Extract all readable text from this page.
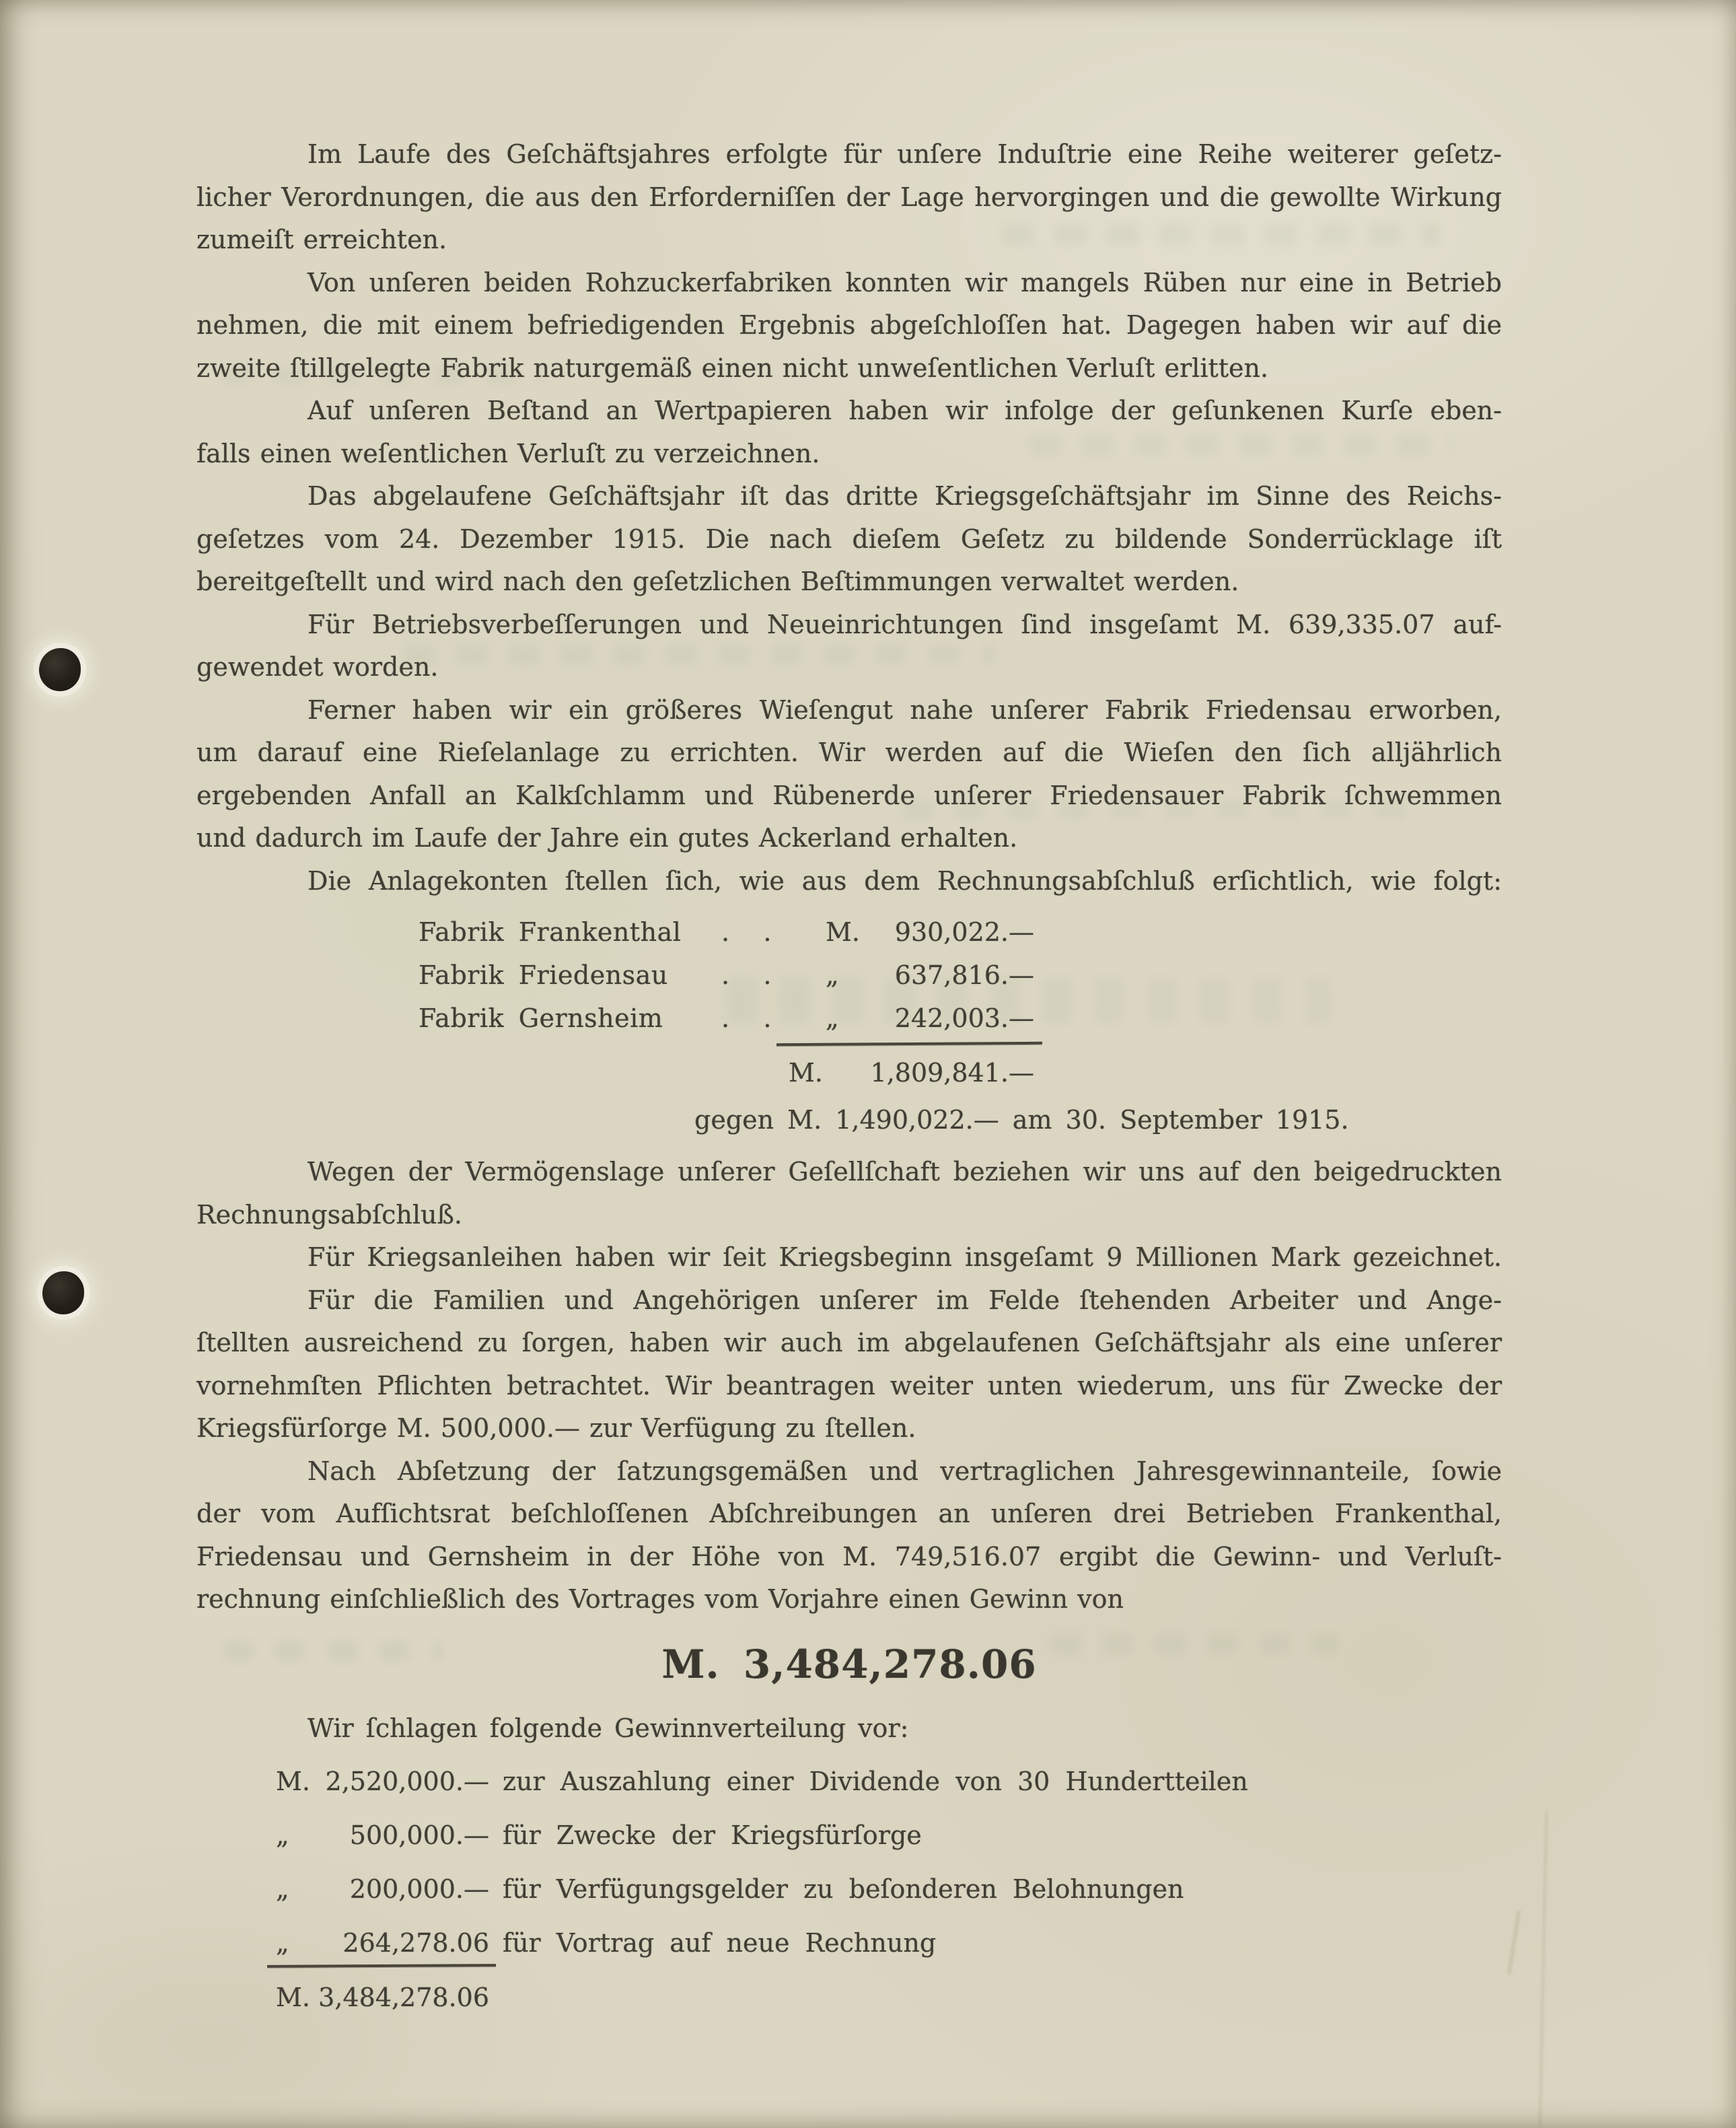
Im Laufe des Geſchäftsjahres erfolgte für unſere Induſtrie eine Reihe weiterer geſetz-
licher Verordnungen, die aus den Erforderniſſen der Lage hervorgingen und die gewollte Wirkung
zumeiſt erreichten.
Von unſeren beiden Rohzuckerfabriken konnten wir mangels Rüben nur eine in Betrieb
nehmen, die mit einem befriedigenden Ergebnis abgeſchloſſen hat. Dagegen haben wir auf die
zweite ſtillgelegte Fabrik naturgemäß einen nicht unweſentlichen Verluſt erlitten.
Auf unſeren Beſtand an Wertpapieren haben wir infolge der geſunkenen Kurſe eben-
falls einen weſentlichen Verluſt zu verzeichnen.
Das abgelaufene Geſchäftsjahr iſt das dritte Kriegsgeſchäftsjahr im Sinne des Reichs-
geſetzes vom 24. Dezember 1915. Die nach dieſem Geſetz zu bildende Sonderrücklage iſt
bereitgeſtellt und wird nach den geſetzlichen Beſtimmungen verwaltet werden.
Für Betriebsverbeſſerungen und Neueinrichtungen ſind insgeſamt M. 639,335.07 auf-
gewendet worden.
Ferner haben wir ein größeres Wieſengut nahe unſerer Fabrik Friedensau erworben,
um darauf eine Rieſelanlage zu errichten. Wir werden auf die Wieſen den ſich alljährlich
ergebenden Anfall an Kalkſchlamm und Rübenerde unſerer Friedensauer Fabrik ſchwemmen
und dadurch im Laufe der Jahre ein gutes Ackerland erhalten.
Die Anlagekonten ſtellen ſich, wie aus dem Rechnungsabſchluß erſichtlich, wie folgt:
Fabrik Frankenthal .   . M.	930,022.—
Fabrik Friedensau .   . „	637,816.—
Fabrik Gernsheim .   . „	242,003.—
M.	1,809,841.—
gegen M. 1,490,022.— am 30. September 1915.
Wegen der Vermögenslage unſerer Geſellſchaft beziehen wir uns auf den beigedruckten
Rechnungsabſchluß.
Für Kriegsanleihen haben wir ſeit Kriegsbeginn insgeſamt 9 Millionen Mark gezeichnet.
Für die Familien und Angehörigen unſerer im Felde ſtehenden Arbeiter und Ange-
ſtellten ausreichend zu ſorgen, haben wir auch im abgelaufenen Geſchäftsjahr als eine unſerer
vornehmſten Pflichten betrachtet. Wir beantragen weiter unten wiederum, uns für Zwecke der
Kriegsfürſorge M. 500,000.— zur Verfügung zu ſtellen.
Nach Abſetzung der ſatzungsgemäßen und vertraglichen Jahresgewinnanteile, ſowie
der vom Aufſichtsrat beſchloſſenen Abſchreibungen an unſeren drei Betrieben Frankenthal,
Friedensau und Gernsheim in der Höhe von M. 749,516.07 ergibt die Gewinn- und Verluſt-
rechnung einſchließlich des Vortrages vom Vorjahre einen Gewinn von
M. 3,484,278.06
Wir ſchlagen folgende Gewinnverteilung vor:
M. 2,520,000.— zur Auszahlung einer Dividende von 30 Hundertteilen
„	500,000.— für Zwecke der Kriegsfürſorge
„	200,000.— für Verfügungsgelder zu beſonderen Belohnungen
„	264,278.06 für Vortrag auf neue Rechnung
M. 3,484,278.06
